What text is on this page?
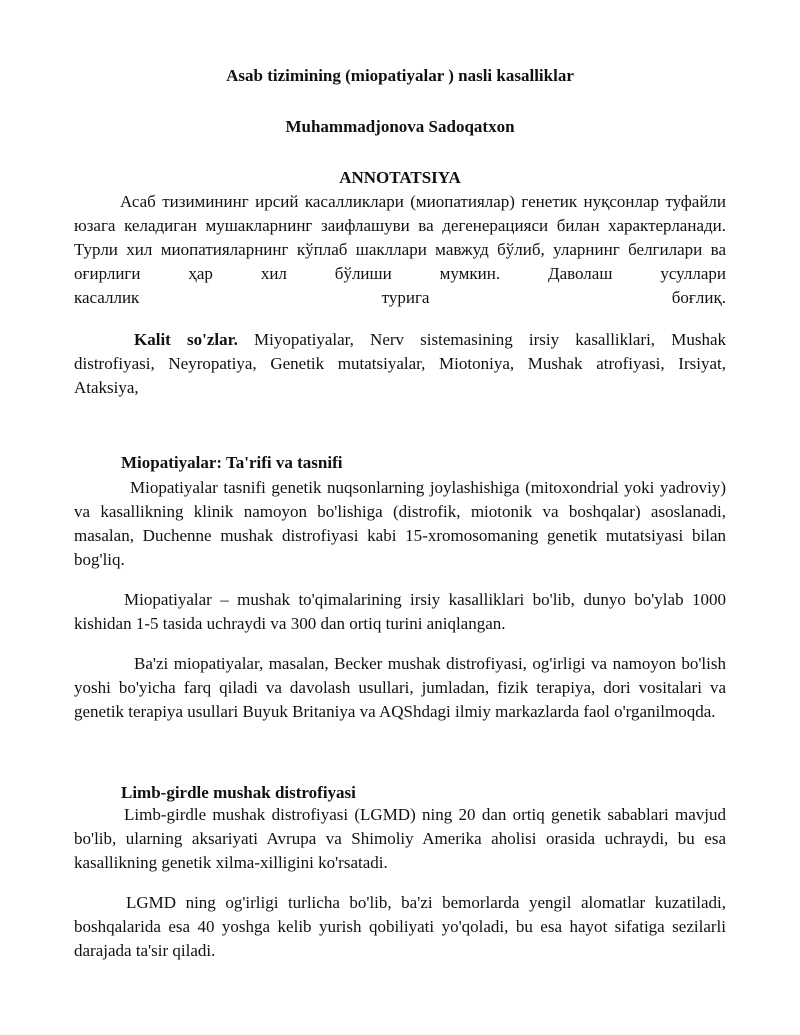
Asab tizimining (miopatiyalar ) nasli kasalliklar
Muhammadjonova Sadoqatxon
ANNOTATSIYA
Асаб тизимининг ирсий касалликлари (миопатиялар) генетик нуқсонлар туфайли юзага келадиган мушакларнинг заифлашуви ва дегенерацияси билан характерланади. Турли хил миопатияларнинг кўплаб шакллари мавжуд бўлиб, уларнинг белгилари ва оғирлиги ҳар хил бўлиши мумкин. Даволаш усуллари
касаллик турига боғлиқ.

Kalit so'zlar. Miyopatiyalar, Nerv sistemasining irsiy kasalliklari, Mushak distrofiyasi, Neyropatiya, Genetik mutatsiyalar, Miotoniya, Mushak atrofiyasi, Irsiyat, Ataksiya,

Miopatiyalar: Ta'rifi va tasnifi

Miopatiyalar tasnifi genetik nuqsonlarning joylashishiga (mitoxondrial yoki yadroviy) va kasallikning klinik namoyon bo'lishiga (distrofik, miotonik va boshqalar) asoslanadi, masalan, Duchenne mushak distrofiyasi kabi 15-xromosomaning genetik mutatsiyasi bilan bog'liq.

Miopatiyalar – mushak to'qimalarining irsiy kasalliklari bo'lib, dunyo bo'ylab 1000 kishidan 1-5 tasida uchraydi va 300 dan ortiq turini aniqlangan.

Ba'zi miopatiyalar, masalan, Becker mushak distrofiyasi, og'irligi va namoyon bo'lish yoshi bo'yicha farq qiladi va davolash usullari, jumladan, fizik terapiya, dori vositalari va genetik terapiya usullari Buyuk Britaniya va AQShdagi ilmiy markazlarda faol o'rganilmoqda.

Limb-girdle mushak distrofiyasi

Limb-girdle mushak distrofiyasi (LGMD) ning 20 dan ortiq genetik sabablari mavjud bo'lib, ularning aksariyati Avrupa va Shimoliy Amerika aholisi orasida uchraydi, bu esa kasallikning genetik xilma-xilligini ko'rsatadi.

LGMD ning og'irligi turlicha bo'lib, ba'zi bemorlarda yengil alomatlar kuzatiladi, boshqalarida esa 40 yoshga kelib yurish qobiliyati yo'qoladi, bu esa hayot sifatiga sezilarli darajada ta'sir qiladi.
